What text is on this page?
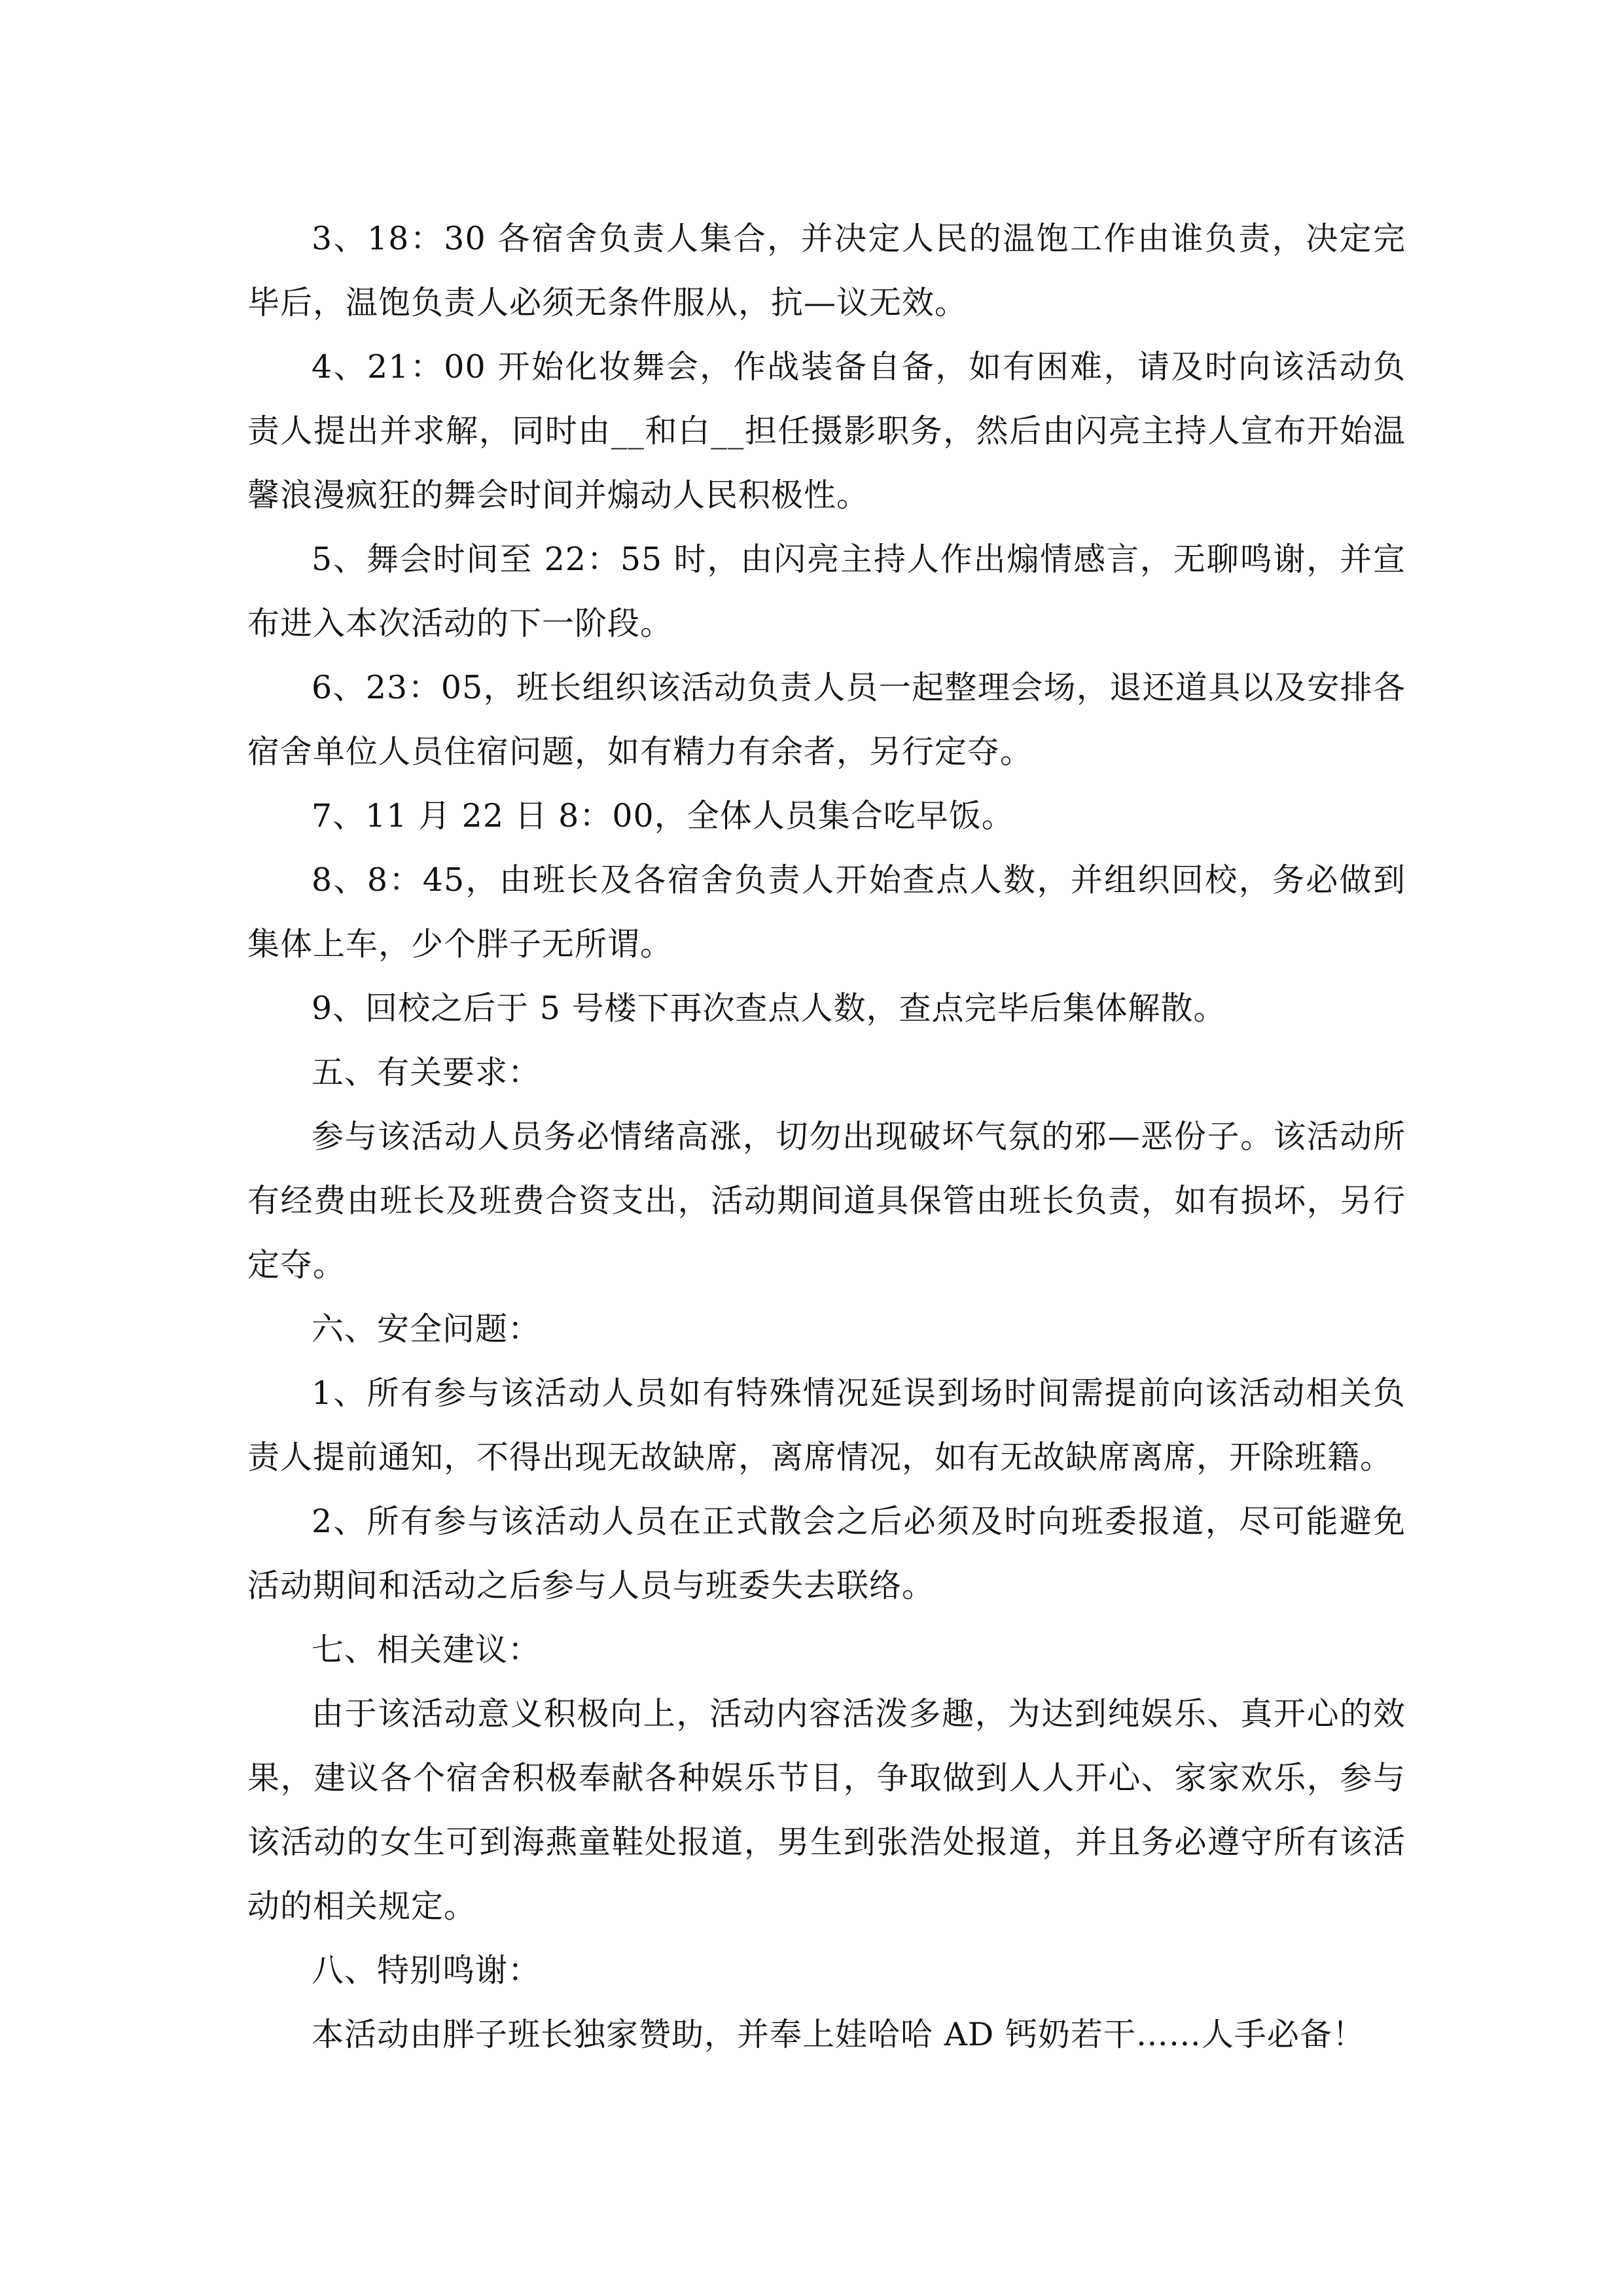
3、18：30 各宿舍负责人集合，并决定人民的温饱工作由谁负责，决定完毕后，温饱负责人必须无条件服从，抗—议无效。

4、21：00 开始化妆舞会，作战装备自备，如有困难，请及时向该活动负责人提出并求解，同时由__和白__担任摄影职务，然后由闪亮主持人宣布开始温馨浪漫疯狂的舞会时间并煽动人民积极性。

5、舞会时间至 22：55 时，由闪亮主持人作出煽情感言，无聊鸣谢，并宣布进入本次活动的下一阶段。

6、23：05，班长组织该活动负责人员一起整理会场，退还道具以及安排各宿舍单位人员住宿问题，如有精力有余者，另行定夺。

7、11 月 22 日 8：00，全体人员集合吃早饭。

8、8：45，由班长及各宿舍负责人开始查点人数，并组织回校，务必做到集体上车，少个胖子无所谓。

9、回校之后于 5 号楼下再次查点人数，查点完毕后集体解散。

五、有关要求：

参与该活动人员务必情绪高涨，切勿出现破坏气氛的邪—恶份子。该活动所有经费由班长及班费合资支出，活动期间道具保管由班长负责，如有损坏，另行定夺。

六、安全问题：

1、所有参与该活动人员如有特殊情况延误到场时间需提前向该活动相关负责人提前通知，不得出现无故缺席，离席情况，如有无故缺席离席，开除班籍。

2、所有参与该活动人员在正式散会之后必须及时向班委报道，尽可能避免活动期间和活动之后参与人员与班委失去联络。

七、相关建议：

由于该活动意义积极向上，活动内容活泼多趣，为达到纯娱乐、真开心的效果，建议各个宿舍积极奉献各种娱乐节目，争取做到人人开心、家家欢乐，参与该活动的女生可到海燕童鞋处报道，男生到张浩处报道，并且务必遵守所有该活动的相关规定。

八、特别鸣谢：

本活动由胖子班长独家赞助，并奉上娃哈哈 AD 钙奶若干……人手必备！
